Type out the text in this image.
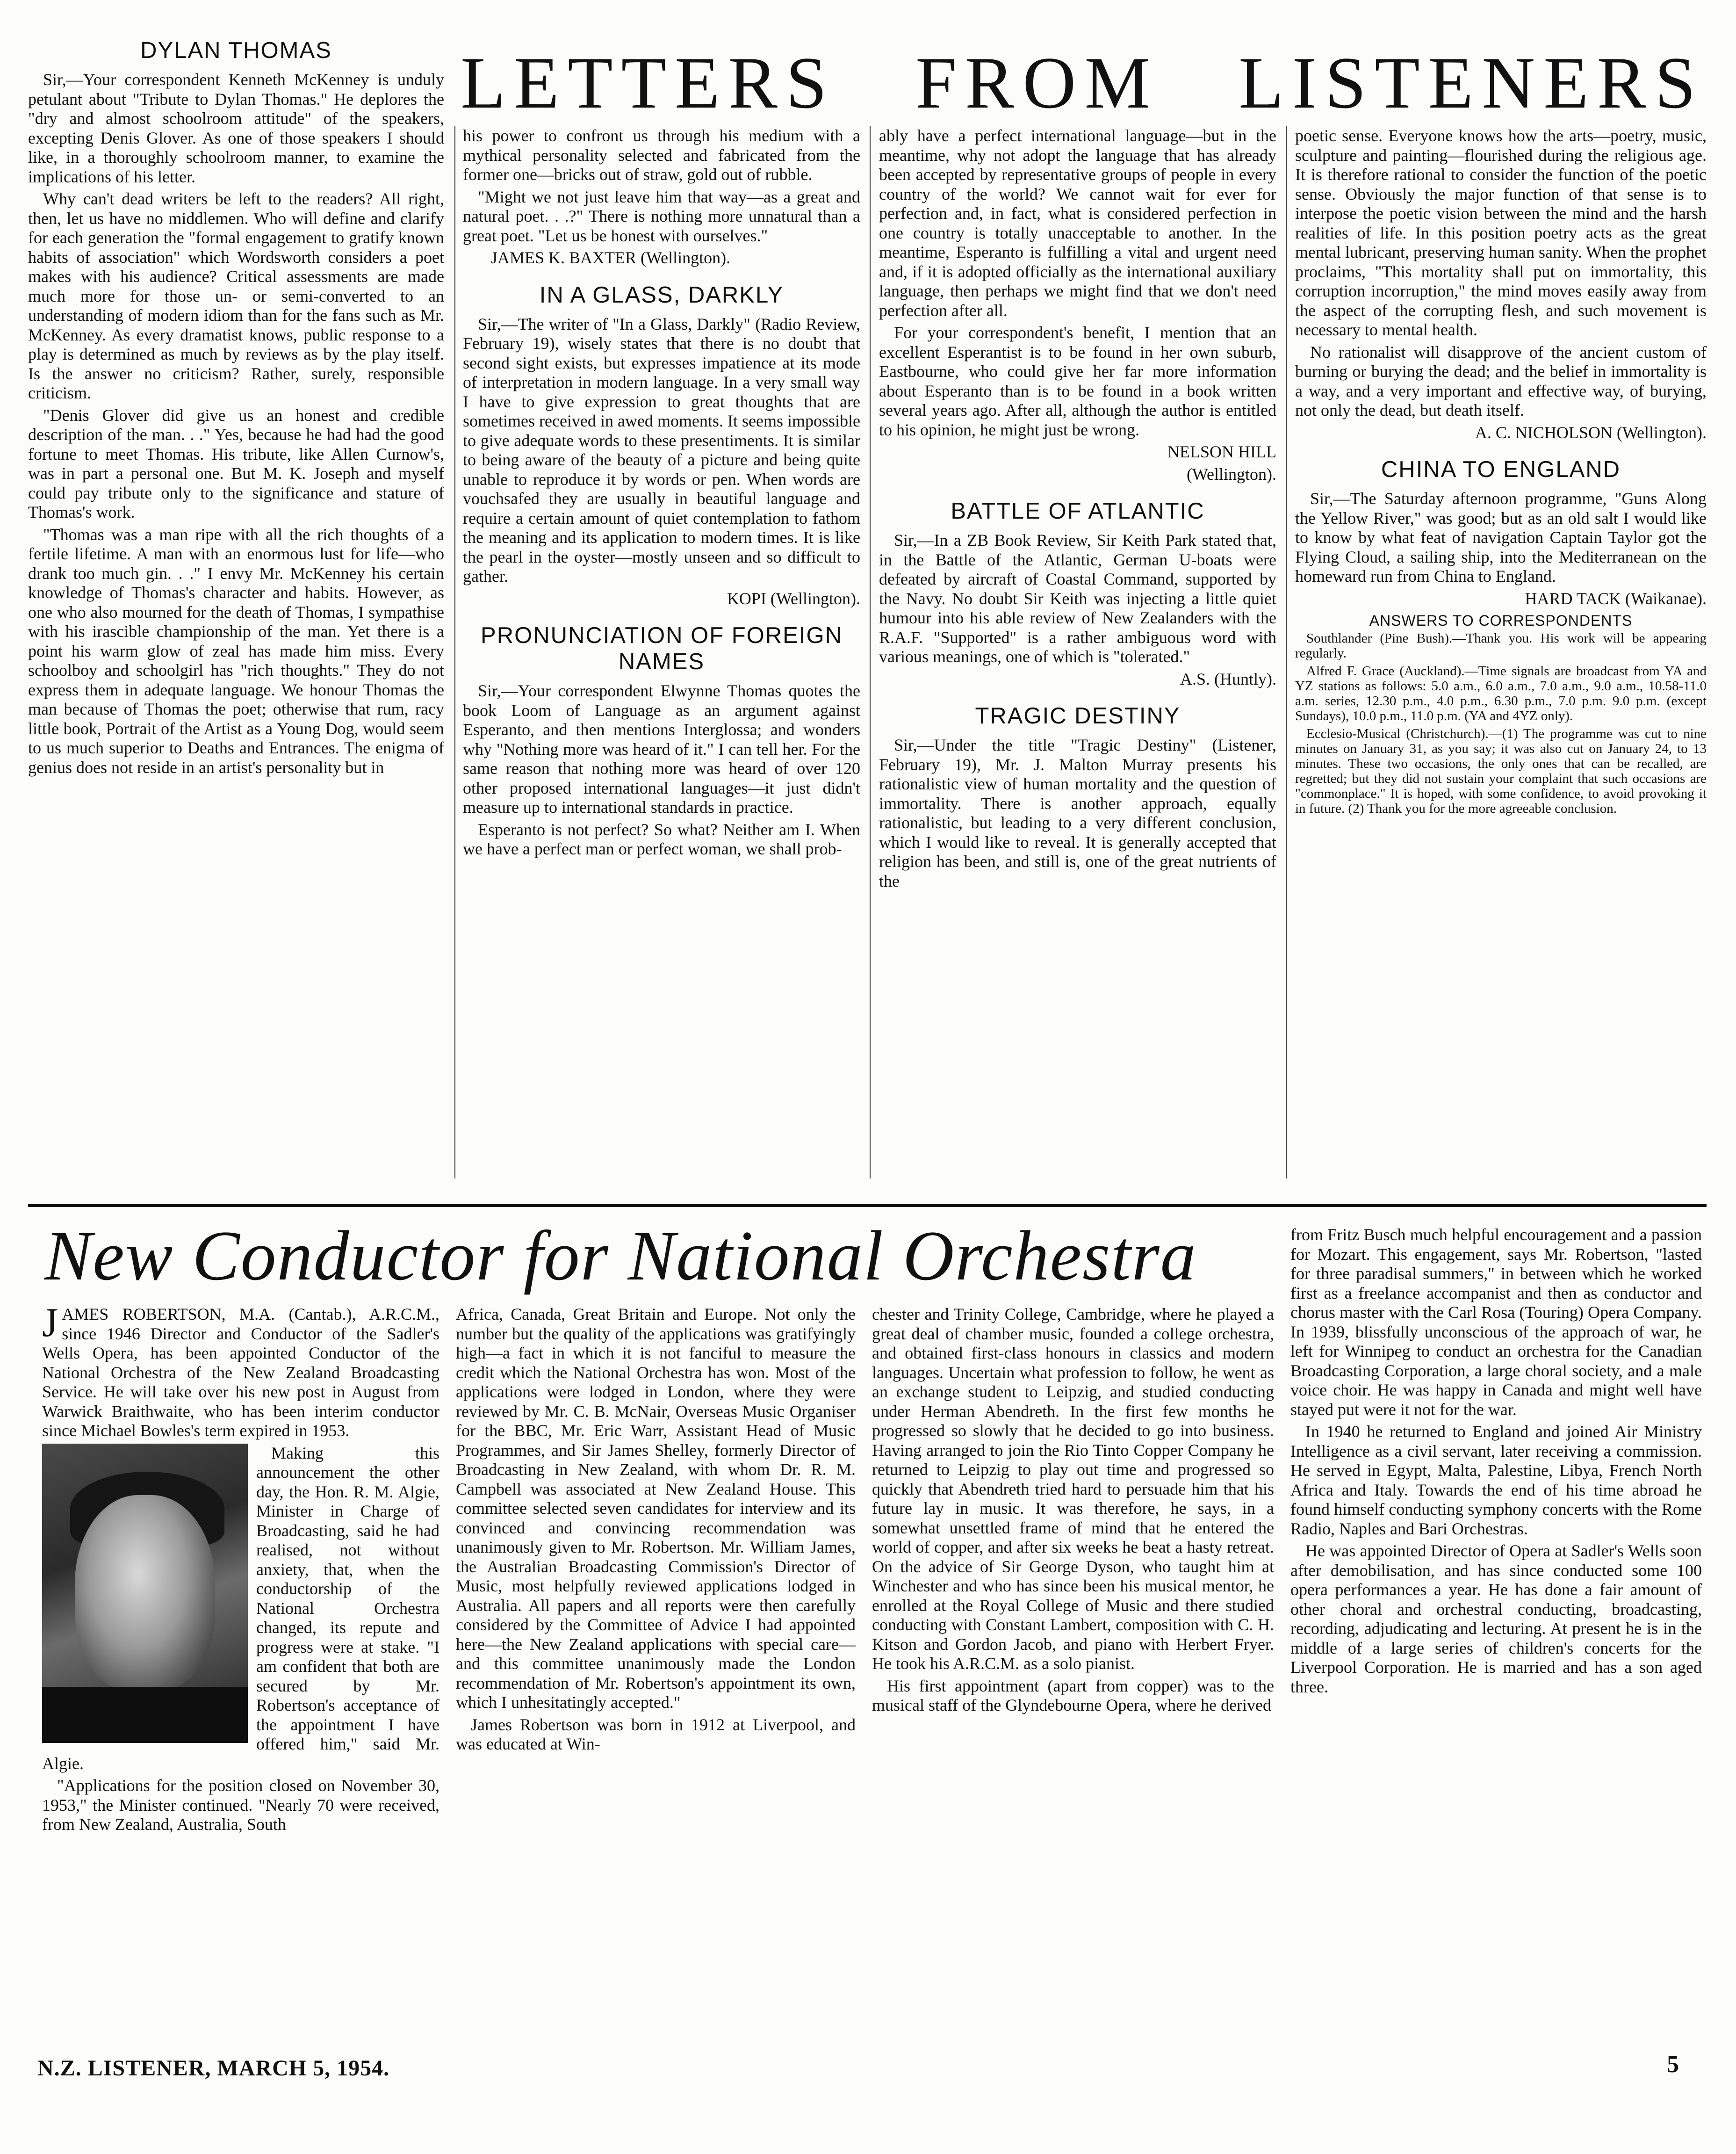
LETTERS FROM LISTENERS
DYLAN THOMAS

Sir,—Your correspondent Kenneth McKenney is unduly petulant about "Tribute to Dylan Thomas." He deplores the "dry and almost schoolroom attitude" of the speakers, excepting Denis Glover. As one of those speakers I should like, in a thoroughly schoolroom manner, to examine the implications of his letter.

Why can't dead writers be left to the readers? All right, then, let us have no middlemen. Who will define and clarify for each generation the "formal engagement to gratify known habits of association" which Wordsworth considers a poet makes with his audience? Critical assessments are made much more for those un- or semi-converted to an understanding of modern idiom than for the fans such as Mr. McKenney. As every dramatist knows, public response to a play is determined as much by reviews as by the play itself. Is the answer no criticism? Rather, surely, responsible criticism.

"Denis Glover did give us an honest and credible description of the man. . ." Yes, because he had had the good fortune to meet Thomas. His tribute, like Allen Curnow's, was in part a personal one. But M. K. Joseph and myself could pay tribute only to the significance and stature of Thomas's work.

"Thomas was a man ripe with all the rich thoughts of a fertile lifetime. A man with an enormous lust for life—who drank too much gin. . ." I envy Mr. McKenney his certain knowledge of Thomas's character and habits. However, as one who also mourned for the death of Thomas, I sympathise with his irascible championship of the man. Yet there is a point his warm glow of zeal has made him miss. Every schoolboy and schoolgirl has "rich thoughts." They do not express them in adequate language. We honour Thomas the man because of Thomas the poet; otherwise that rum, racy little book, Portrait of the Artist as a Young Dog, would seem to us much superior to Deaths and Entrances. The enigma of genius does not reside in an artist's personality but in

his power to confront us through his medium with a mythical personality selected and fabricated from the former one—bricks out of straw, gold out of rubble.

"Might we not just leave him that way—as a great and natural poet. . .?" There is nothing more unnatural than a great poet. "Let us be honest with ourselves."

JAMES K. BAXTER (Wellington).

IN A GLASS, DARKLY

Sir,—The writer of "In a Glass, Darkly" (Radio Review, February 19), wisely states that there is no doubt that second sight exists, but expresses impatience at its mode of interpretation in modern language. In a very small way I have to give expression to great thoughts that are sometimes received in awed moments. It seems impossible to give adequate words to these presentiments. It is similar to being aware of the beauty of a picture and being quite unable to reproduce it by words or pen. When words are vouchsafed they are usually in beautiful language and require a certain amount of quiet contemplation to fathom the meaning and its application to modern times. It is like the pearl in the oyster—mostly unseen and so difficult to gather.

KOPI (Wellington).

PRONUNCIATION OF FOREIGN NAMES

Sir,—Your correspondent Elwynne Thomas quotes the book Loom of Language as an argument against Esperanto, and then mentions Interglossa; and wonders why "Nothing more was heard of it." I can tell her. For the same reason that nothing more was heard of over 120 other proposed international languages—it just didn't measure up to international standards in practice.

Esperanto is not perfect? So what? Neither am I. When we have a perfect man or perfect woman, we shall prob-

ably have a perfect international language—but in the meantime, why not adopt the language that has already been accepted by representative groups of people in every country of the world? We cannot wait for ever for perfection and, in fact, what is considered perfection in one country is totally unacceptable to another. In the meantime, Esperanto is fulfilling a vital and urgent need and, if it is adopted officially as the international auxiliary language, then perhaps we might find that we don't need perfection after all.

For your correspondent's benefit, I mention that an excellent Esperantist is to be found in her own suburb, Eastbourne, who could give her far more information about Esperanto than is to be found in a book written several years ago. After all, although the author is entitled to his opinion, he might just be wrong.

NELSON HILL

(Wellington).

BATTLE OF ATLANTIC

Sir,—In a ZB Book Review, Sir Keith Park stated that, in the Battle of the Atlantic, German U-boats were defeated by aircraft of Coastal Command, supported by the Navy. No doubt Sir Keith was injecting a little quiet humour into his able review of New Zealanders with the R.A.F. "Supported" is a rather ambiguous word with various meanings, one of which is "tolerated."

A.S. (Huntly).

TRAGIC DESTINY

Sir,—Under the title "Tragic Destiny" (Listener, February 19), Mr. J. Malton Murray presents his rationalistic view of human mortality and the question of immortality. There is another approach, equally rationalistic, but leading to a very different conclusion, which I would like to reveal. It is generally accepted that religion has been, and still is, one of the great nutrients of the

poetic sense. Everyone knows how the arts—poetry, music, sculpture and painting—flourished during the religious age. It is therefore rational to consider the function of the poetic sense. Obviously the major function of that sense is to interpose the poetic vision between the mind and the harsh realities of life. In this position poetry acts as the great mental lubricant, preserving human sanity. When the prophet proclaims, "This mortality shall put on immortality, this corruption incorruption," the mind moves easily away from the aspect of the corrupting flesh, and such movement is necessary to mental health.

No rationalist will disapprove of the ancient custom of burning or burying the dead; and the belief in immortality is a way, and a very important and effective way, of burying, not only the dead, but death itself.

A. C. NICHOLSON (Wellington).

CHINA TO ENGLAND

Sir,—The Saturday afternoon programme, "Guns Along the Yellow River," was good; but as an old salt I would like to know by what feat of navigation Captain Taylor got the Flying Cloud, a sailing ship, into the Mediterranean on the homeward run from China to England.

HARD TACK (Waikanae).

ANSWERS TO CORRESPONDENTS

Southlander (Pine Bush).—Thank you. His work will be appearing regularly.

Alfred F. Grace (Auckland).—Time signals are broadcast from YA and YZ stations as follows: 5.0 a.m., 6.0 a.m., 7.0 a.m., 9.0 a.m., 10.58-11.0 a.m. series, 12.30 p.m., 4.0 p.m., 6.30 p.m., 7.0 p.m. 9.0 p.m. (except Sundays), 10.0 p.m., 11.0 p.m. (YA and 4YZ only).

Ecclesio-Musical (Christchurch).—(1) The programme was cut to nine minutes on January 31, as you say; it was also cut on January 24, to 13 minutes. These two occasions, the only ones that can be recalled, are regretted; but they did not sustain your complaint that such occasions are "commonplace." It is hoped, with some confidence, to avoid provoking it in future. (2) Thank you for the more agreeable conclusion.

New Conductor for National Orchestra

JAMES ROBERTSON, M.A. (Cantab.), A.R.C.M., since 1946 Director and Conductor of the Sadler's Wells Opera, has been appointed Conductor of the National Orchestra of the New Zealand Broadcasting Service. He will take over his new post in August from Warwick Braithwaite, who has been interim conductor since Michael Bowles's term expired in 1953.

Making this announcement the other day, the Hon. R. M. Algie, Minister in Charge of Broadcasting, said he had realised, not without anxiety, that, when the conductorship of the National Orchestra changed, its repute and progress were at stake. "I am confident that both are secured by Mr. Robertson's acceptance of the appointment I have offered him," said Mr. Algie.

"Applications for the position closed on November 30, 1953," the Minister continued. "Nearly 70 were received, from New Zealand, Australia, South

Africa, Canada, Great Britain and Europe. Not only the number but the quality of the applications was gratifyingly high—a fact in which it is not fanciful to measure the credit which the National Orchestra has won. Most of the applications were lodged in London, where they were reviewed by Mr. C. B. McNair, Overseas Music Organiser for the BBC, Mr. Eric Warr, Assistant Head of Music Programmes, and Sir James Shelley, formerly Director of Broadcasting in New Zealand, with whom Dr. R. M. Campbell was associated at New Zealand House. This committee selected seven candidates for interview and its convinced and convincing recommendation was unanimously given to Mr. Robertson. Mr. William James, the Australian Broadcasting Commission's Director of Music, most helpfully reviewed applications lodged in Australia. All papers and all reports were then carefully considered by the Committee of Advice I had appointed here—the New Zealand applications with special care—and this committee unanimously made the London recommendation of Mr. Robertson's appointment its own, which I unhesitatingly accepted."

James Robertson was born in 1912 at Liverpool, and was educated at Win-

chester and Trinity College, Cambridge, where he played a great deal of chamber music, founded a college orchestra, and obtained first-class honours in classics and modern languages. Uncertain what profession to follow, he went as an exchange student to Leipzig, and studied conducting under Herman Abendreth. In the first few months he progressed so slowly that he decided to go into business. Having arranged to join the Rio Tinto Copper Company he returned to Leipzig to play out time and progressed so quickly that Abendreth tried hard to persuade him that his future lay in music. It was therefore, he says, in a somewhat unsettled frame of mind that he entered the world of copper, and after six weeks he beat a hasty retreat. On the advice of Sir George Dyson, who taught him at Winchester and who has since been his musical mentor, he enrolled at the Royal College of Music and there studied conducting with Constant Lambert, composition with C. H. Kitson and Gordon Jacob, and piano with Herbert Fryer. He took his A.R.C.M. as a solo pianist.

His first appointment (apart from copper) was to the musical staff of the Glyndebourne Opera, where he derived

from Fritz Busch much helpful encouragement and a passion for Mozart. This engagement, says Mr. Robertson, "lasted for three paradisal summers," in between which he worked first as a freelance accompanist and then as conductor and chorus master with the Carl Rosa (Touring) Opera Company. In 1939, blissfully unconscious of the approach of war, he left for Winnipeg to conduct an orchestra for the Canadian Broadcasting Corporation, a large choral society, and a male voice choir. He was happy in Canada and might well have stayed put were it not for the war.

In 1940 he returned to England and joined Air Ministry Intelligence as a civil servant, later receiving a commission. He served in Egypt, Malta, Palestine, Libya, French North Africa and Italy. Towards the end of his time abroad he found himself conducting symphony concerts with the Rome Radio, Naples and Bari Orchestras.

He was appointed Director of Opera at Sadler's Wells soon after demobilisation, and has since conducted some 100 opera performances a year. He has done a fair amount of other choral and orchestral conducting, broadcasting, recording, adjudicating and lecturing. At present he is in the middle of a large series of children's concerts for the Liverpool Corporation. He is married and has a son aged three.

N.Z. LISTENER, MARCH 5, 1954.	5
